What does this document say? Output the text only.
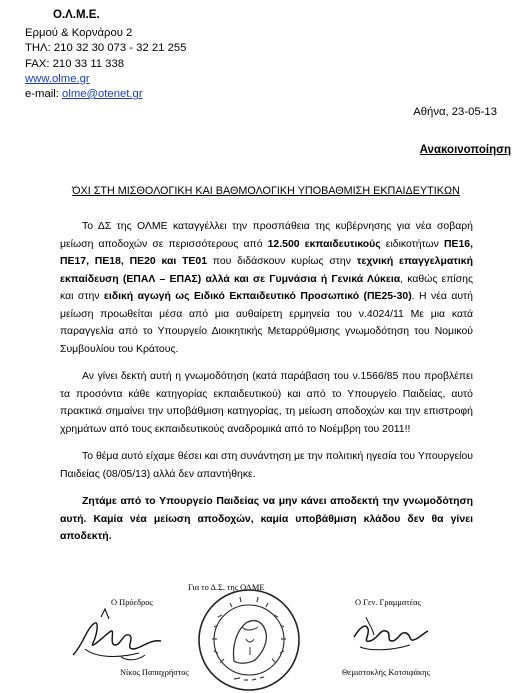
Ο.Λ.Μ.Ε.
Ερμού & Κορνάρου 2
ΤΗΛ: 210 32 30 073 - 32 21 255
FAX: 210 33 11 338
www.olme.gr
e-mail: olme@otenet.gr
Αθήνα, 23-05-13
Ανακοινοποίηση
ΌΧΙ ΣΤΗ ΜΙΣΘΟΛΟΓΙΚΗ ΚΑΙ ΒΑΘΜΟΛΟΓΙΚΗ ΥΠΟΒΑΘΜΙΣΗ ΕΚΠΑΙΔΕΥΤΙΚΩΝ

Το ΔΣ της ΟΛΜΕ καταγγέλλει την προσπάθεια της κυβέρνησης για νέα σοβαρή μείωση αποδοχών σε περισσότερους από 12.500 εκπαιδευτικούς ειδικοτήτων ΠΕ16, ΠΕ17, ΠΕ18, ΠΕ20 και ΤΕ01 που διδάσκουν κυρίως στην τεχνική επαγγελματική εκπαίδευση (ΕΠΑΛ – ΕΠΑΣ) αλλά και σε Γυμνάσια ή Γενικά Λύκεια, καθώς επίσης και στην ειδική αγωγή ως Ειδικό Εκπαιδευτικό Προσωπικό (ΠΕ25-30). Η νέα αυτή μείωση προωθείται μέσα από μια αυθαίρετη ερμηνεία του ν.4024/11 Με μια κατά παραγγελία από το Υπουργείο Διοικητικής Μεταρρύθμισης γνωμοδότηση του Νομικού Συμβουλίου του Κράτους.

Αν γίνει δεκτή αυτή η γνωμοδότηση (κατά παράβαση του ν.1566/85 που προβλέπει τα προσόντα κάθε κατηγορίας εκπαιδευτικού) και από το Υπουργείο Παιδείας, αυτό πρακτικά σημαίνει την υποβάθμιση κατηγορίας, τη μείωση αποδοχών και την επιστροφή χρημάτων από τους εκπαιδευτικούς αναδρομικά από το Νοέμβρη του 2011!!

Το θέμα αυτό είχαμε θέσει και στη συνάντηση με την πολιτική ηγεσία του Υπουργείου Παιδείας (08/05/13) αλλά δεν απαντήθηκε.

Ζητάμε από το Υπουργείο Παιδείας να μην κάνει αποδεκτή την γνωμοδότηση αυτή. Καμία νέα μείωση αποδοχών, καμία υποβάθμιση κλάδου δεν θα γίνει αποδεκτή.

Για το Δ.Σ. της ΟΛΜΕ
Ο Πρόεδρος	Ο Γεν. Γραμματέας
Νίκος Παπαχρήστος	Θεμιστοκλής Κοτσιφάκης
